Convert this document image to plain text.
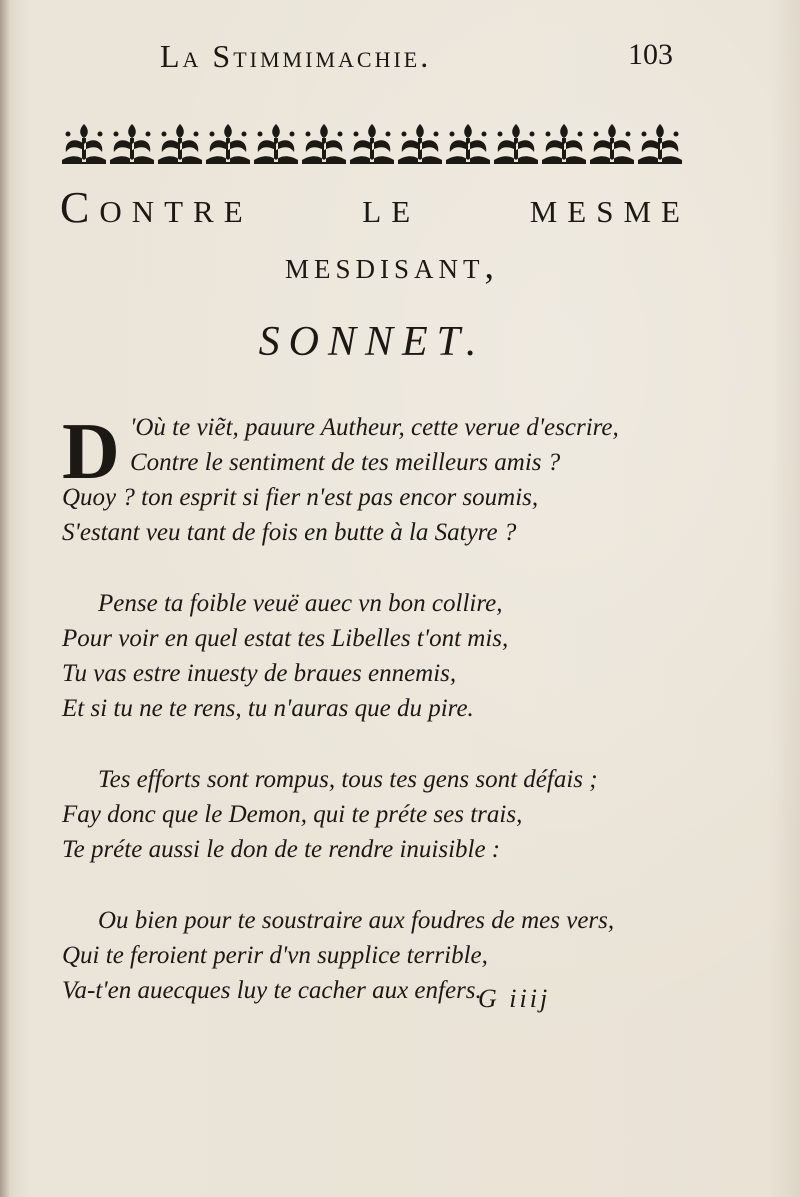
La Stimmimachie.	103
Contre le mesme
mesdisant,
SONNET.
D 'Où te viẽt, pauure Autheur, cette verue d'escrire,
Contre le sentiment de tes meilleurs amis ?
Quoy ? ton esprit si fier n'est pas encor soumis,
S'estant veu tant de fois en butte à la Satyre ?
Pense ta foible veuë auec vn bon collire,
Pour voir en quel estat tes Libelles t'ont mis,
Tu vas estre inuesty de braues ennemis,
Et si tu ne te rens, tu n'auras que du pire.
Tes efforts sont rompus, tous tes gens sont défais ;
Fay donc que le Demon, qui te préte ses trais,
Te préte aussi le don de te rendre inuisible :
Ou bien pour te soustraire aux foudres de mes vers,
Qui te feroient perir d'vn supplice terrible,
Va-t'en auecques luy te cacher aux enfers.
G iiij
